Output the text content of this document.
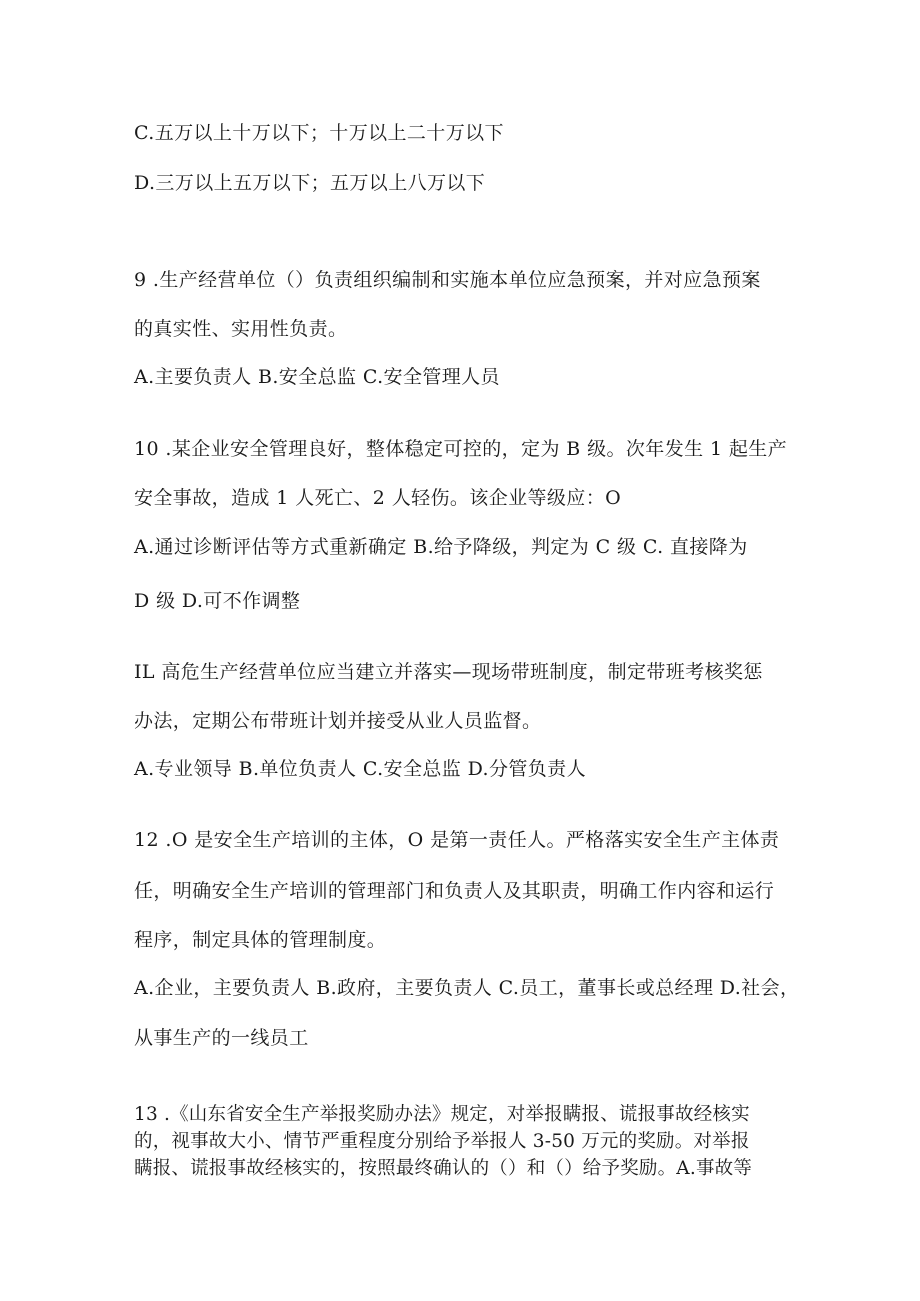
C.五万以上十万以下；十万以上二十万以下
D.三万以上五万以下；五万以上八万以下
9 .生产经营单位（）负责组织编制和实施本单位应急预案，并对应急预案
的真实性、实用性负责。
A.主要负责人 B.安全总监 C.安全管理人员
10 .某企业安全管理良好，整体稳定可控的，定为 B 级。次年发生 1 起生产
安全事故，造成 1 人死亡、2 人轻伤。该企业等级应：O
A.通过诊断评估等方式重新确定 B.给予降级，判定为 C 级 C. 直接降为
D 级 D.可不作调整
IL 高危生产经营单位应当建立并落实—现场带班制度，制定带班考核奖惩
办法，定期公布带班计划并接受从业人员监督。
A.专业领导 B.单位负责人 C.安全总监 D.分管负责人
12 .O 是安全生产培训的主体，O 是第一责任人。严格落实安全生产主体责
任，明确安全生产培训的管理部门和负责人及其职责，明确工作内容和运行
程序，制定具体的管理制度。
A.企业，主要负责人 B.政府，主要负责人 C.员工，董事长或总经理 D.社会，
从事生产的一线员工
13 .《山东省安全生产举报奖励办法》规定，对举报瞒报、谎报事故经核实
的，视事故大小、情节严重程度分别给予举报人 3-50 万元的奖励。对举报
瞒报、谎报事故经核实的，按照最终确认的（）和（）给予奖励。A.事故等
